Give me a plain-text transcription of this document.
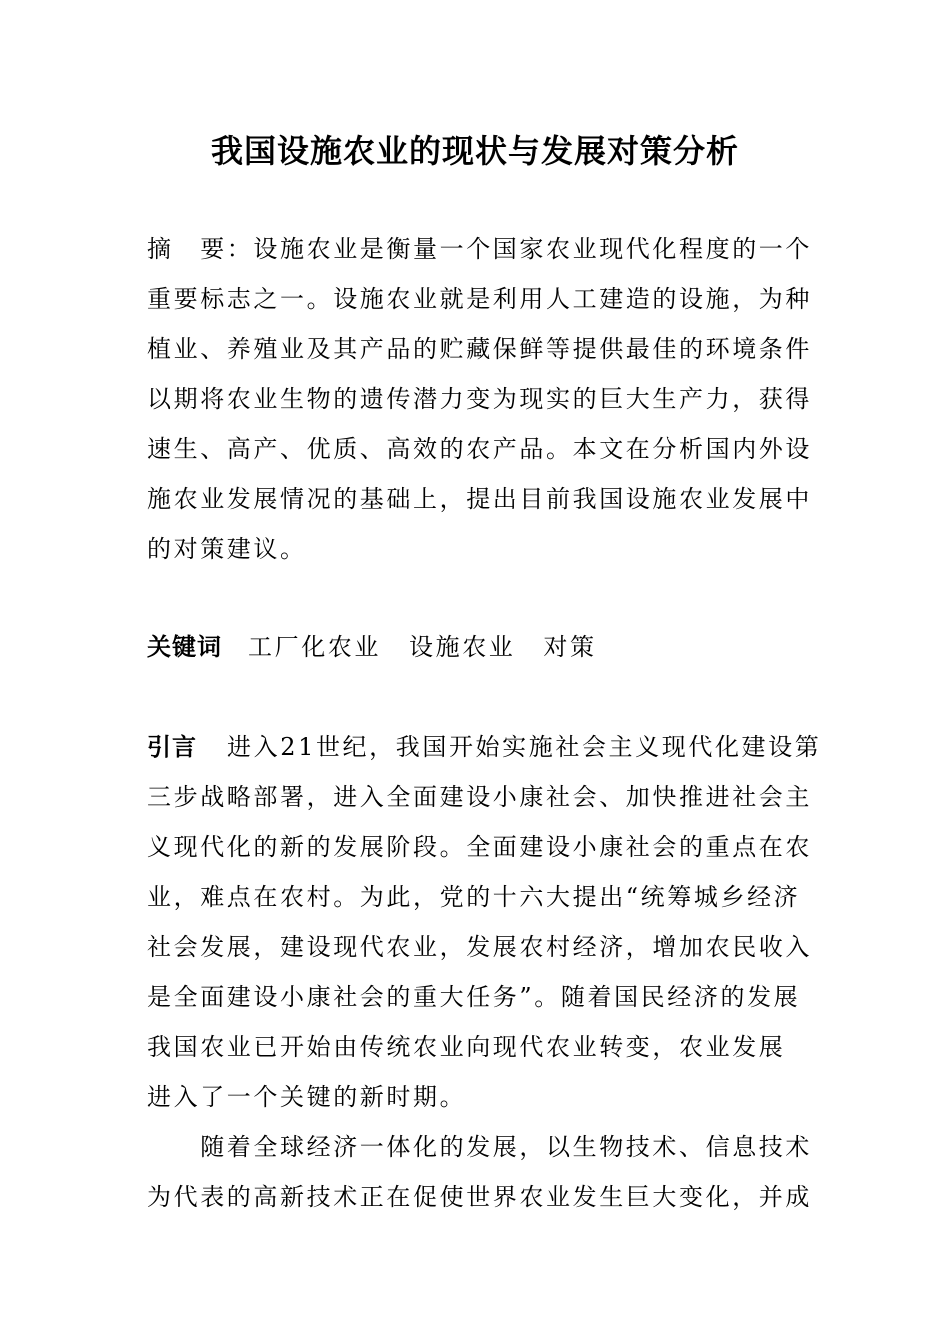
我国设施农业的现状与发展对策分析
摘　要：设施农业是衡量一个国家农业现代化程度的一个
重要标志之一。设施农业就是利用人工建造的设施，为种
植业、养殖业及其产品的贮藏保鲜等提供最佳的环境条件
以期将农业生物的遗传潜力变为现实的巨大生产力，获得
速生、高产、优质、高效的农产品。本文在分析国内外设
施农业发展情况的基础上，提出目前我国设施农业发展中
的对策建议。
关键词 工厂化农业 设施农业 对策
引言 进入21世纪，我国开始实施社会主义现代化建设第
三步战略部署，进入全面建设小康社会、加快推进社会主
义现代化的新的发展阶段。全面建设小康社会的重点在农
业，难点在农村。为此，党的十六大提出“统筹城乡经济
社会发展，建设现代农业，发展农村经济，增加农民收入
是全面建设小康社会的重大任务”。随着国民经济的发展
我国农业已开始由传统农业向现代农业转变，农业发展
进入了一个关键的新时期。
　　随着全球经济一体化的发展，以生物技术、信息技术
为代表的高新技术正在促使世界农业发生巨大变化，并成
